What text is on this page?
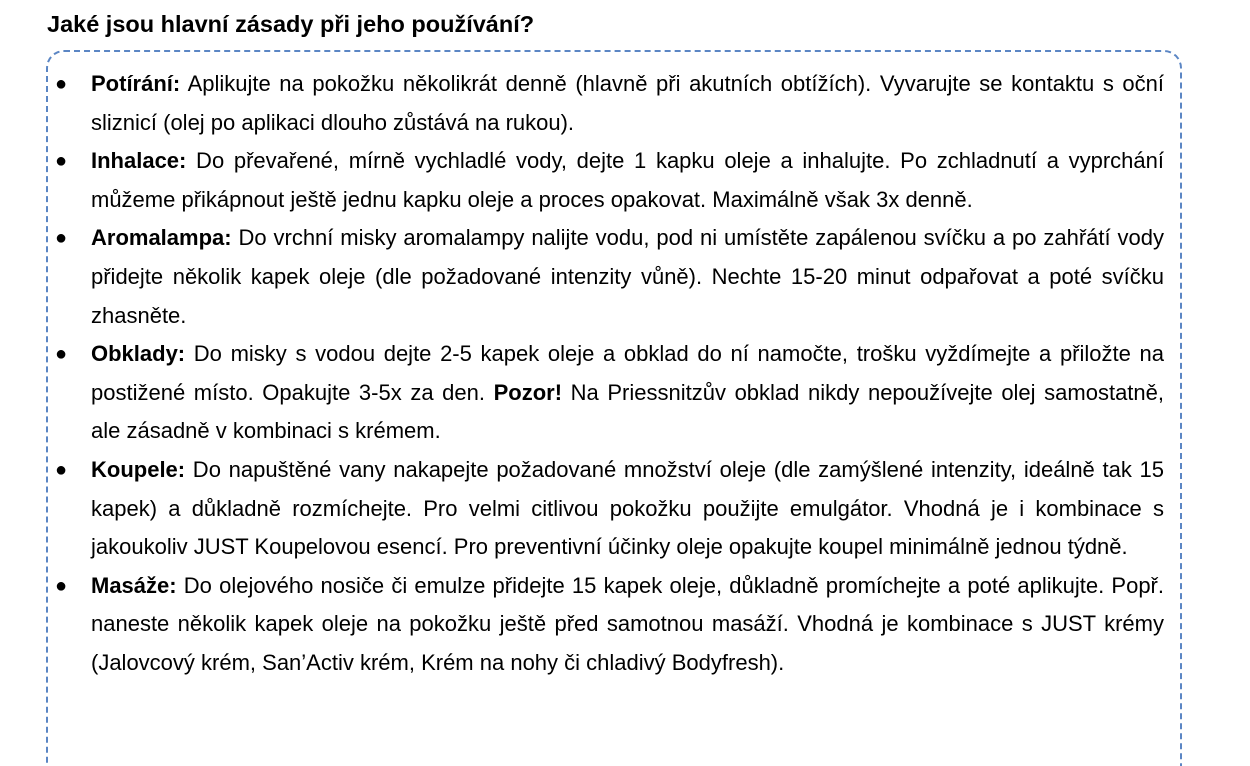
Jaké jsou hlavní zásady při jeho používání?
●	Potírání: Aplikujte na pokožku několikrát denně (hlavně při akutních obtížích). Vyvarujte se kontaktu s oční sliznicí (olej po aplikaci dlouho zůstává na rukou).
●	Inhalace: Do převařené, mírně vychladlé vody, dejte 1 kapku oleje a inhalujte. Po zchladnutí a vyprchání můžeme přikápnout ještě jednu kapku oleje a proces opakovat. Maximálně však 3x denně.
●	Aromalampa: Do vrchní misky aromalampy nalijte vodu, pod ni umístěte zapálenou svíčku a po zahřátí vody přidejte několik kapek oleje (dle požadované intenzity vůně). Nechte 15-20 minut odpařovat a poté svíčku zhasněte.
●	Obklady: Do misky s vodou dejte 2-5 kapek oleje a obklad do ní namočte, trošku vyždímejte a přiložte na postižené místo. Opakujte 3-5x za den. Pozor! Na Priessnitzův obklad nikdy nepoužívejte olej samostatně, ale zásadně v kombinaci s krémem.
●	Koupele: Do napuštěné vany nakapejte požadované množství oleje (dle zamýšlené intenzity, ideálně tak 15 kapek) a důkladně rozmíchejte. Pro velmi citlivou pokožku použijte emulgátor. Vhodná je i kombinace s jakoukoliv JUST Koupelovou esencí. Pro preventivní účinky oleje opakujte koupel minimálně jednou týdně.
●	Masáže: Do olejového nosiče či emulze přidejte 15 kapek oleje, důkladně promíchejte a poté aplikujte. Popř. naneste několik kapek oleje na pokožku ještě před samotnou masáží. Vhodná je kombinace s JUST krémy (Jalovcový krém, San’Activ krém, Krém na nohy či chladivý Bodyfresh).
